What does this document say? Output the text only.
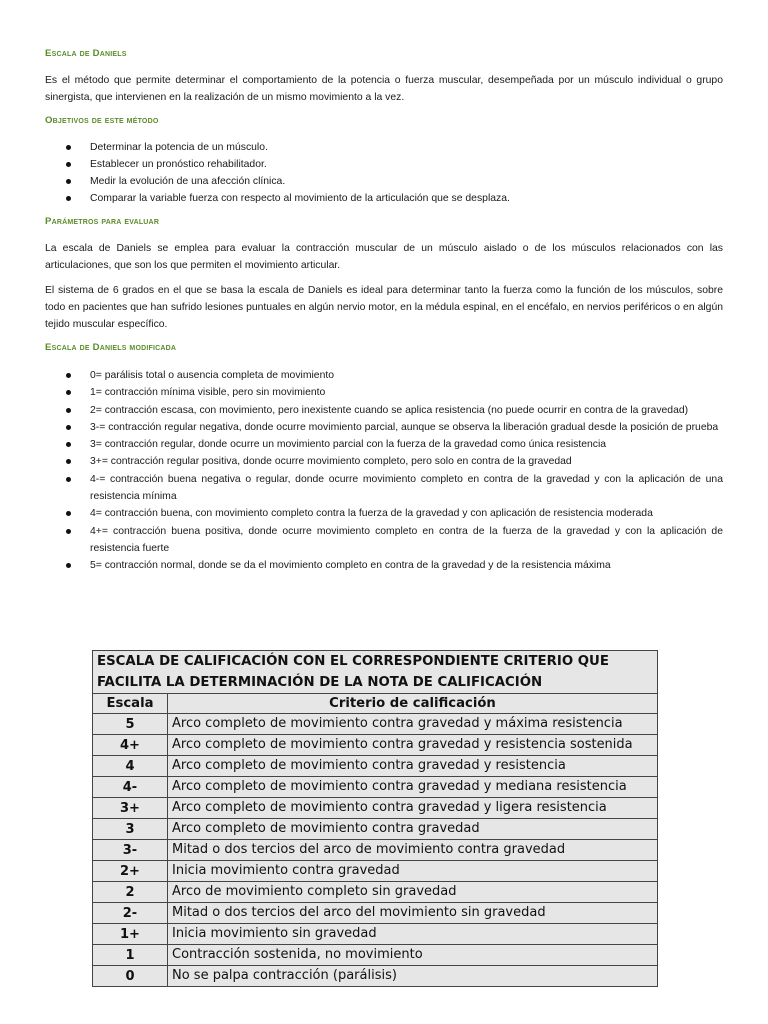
Escala de Daniels

Es el método que permite determinar el comportamiento de la potencia o fuerza muscular, desempeñada por un músculo individual o grupo sinergista, que intervienen en la realización de un mismo movimiento a la vez.

Objetivos de este método
Determinar la potencia de un músculo.
Establecer un pronóstico rehabilitador.
Medir la evolución de una afección clínica.
Comparar la variable fuerza con respecto al movimiento de la articulación que se desplaza.
Parámetros para evaluar

La escala de Daniels se emplea para evaluar la contracción muscular de un músculo aislado o de los músculos relacionados con las articulaciones, que son los que permiten el movimiento articular.

El sistema de 6 grados en el que se basa la escala de Daniels es ideal para determinar tanto la fuerza como la función de los músculos, sobre todo en pacientes que han sufrido lesiones puntuales en algún nervio motor, en la médula espinal, en el encéfalo, en nervios periféricos o en algún tejido muscular específico.

Escala de Daniels modificada
0= parálisis total o ausencia completa de movimiento
1= contracción mínima visible, pero sin movimiento
2= contracción escasa, con movimiento, pero inexistente cuando se aplica resistencia (no puede ocurrir en contra de la gravedad)
3-= contracción regular negativa, donde ocurre movimiento parcial, aunque se observa la liberación gradual desde la posición de prueba
3= contracción regular, donde ocurre un movimiento parcial con la fuerza de la gravedad como única resistencia
3+= contracción regular positiva, donde ocurre movimiento completo, pero solo en contra de la gravedad
4-= contracción buena negativa o regular, donde ocurre movimiento completo en contra de la gravedad y con la aplicación de una resistencia mínima
4= contracción buena, con movimiento completo contra la fuerza de la gravedad y con aplicación de resistencia moderada
4+= contracción buena positiva, donde ocurre movimiento completo en contra de la fuerza de la gravedad y con la aplicación de resistencia fuerte
5= contracción normal, donde se da el movimiento completo en contra de la gravedad y de la resistencia máxima
ESCALA DE CALIFICACIÓN CON EL CORRESPONDIENTE CRITERIO QUE FACILITA LA DETERMINACIÓN DE LA NOTA DE CALIFICACIÓN	
Escala	Criterio de calificación
5	Arco completo de movimiento contra gravedad y máxima resistencia
4+	Arco completo de movimiento contra gravedad y resistencia sostenida
4	Arco completo de movimiento contra gravedad y resistencia
4-	Arco completo de movimiento contra gravedad y mediana resistencia
3+	Arco completo de movimiento contra gravedad y ligera resistencia
3	Arco completo de movimiento contra gravedad
3-	Mitad o dos tercios del arco de movimiento contra gravedad
2+	Inicia movimiento contra gravedad
2	Arco de movimiento completo sin gravedad
2-	Mitad o dos tercios del arco del movimiento sin gravedad
1+	Inicia movimiento sin gravedad
1	Contracción sostenida, no movimiento
0	No se palpa contracción (parálisis)
